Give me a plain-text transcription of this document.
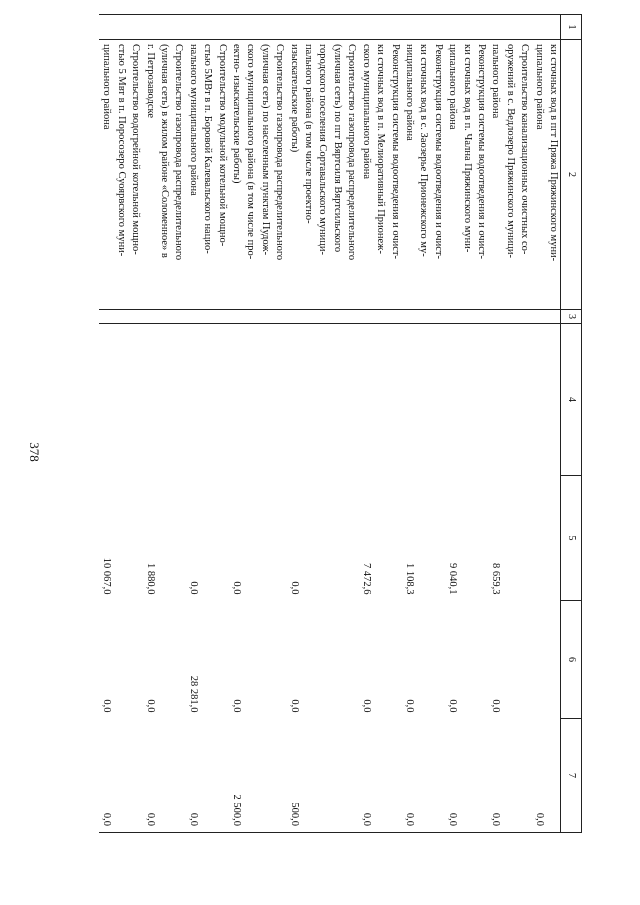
378
1	2	3	4	5	6	7

	ки сточных вод в пгт Пряжа Пряжинского муни-
ципального района					0,0

	Строительство канализационных очистных со-
оружений в с. Ведлозеро Пряжинского муници-
пального района			8 659,3	0,0	0,0

	Реконструкция системы водоотведения и очист-
ки сточных вод в п. Чална Пряжинского муни-
ципального района			9 040,1	0,0	0,0

	Реконструкция системы водоотведения и очист-
ки сточных вод в с. Заозерье Прионежского му-
ниципального района			1 108,3	0,0	0,0

	Реконструкция системы водоотведения и очист-
ки сточных вод в п. Мелиоративный Прионеж-
ского муниципального района			7 472,6	0,0	0,0

	Строительство газопровода распределительного
(уличная сеть) по пгт Вяртсиля Вяртсильского
городского поселения Сортавальского муници-
пального района (в том числе проектно-
изыскательские работы)			0,0	0,0	500,0

	Строительство газопровода распределительного
(уличная сеть) по населенным пунктам Пудож-
ского муниципального района (в том числе про-
ектно- изыскательские работы)			0,0	0,0	2 500,0

	Строительство модульной котельной мощно-
стью 5МВт в п. Боровой Калевальского нацио-
нального муниципального района			0,0	28 281,0	0,0

	Строительство газопровода распределительного
(уличная сеть) в жилом районе «Соломенное» в
г. Петрозаводске			1 880,0	0,0	0,0

	Строительство водогрейной котельной мощно-
стью 5 Мвт в п. Поросозеро Суоярвского муни-
ципального района			10 067,0	0,0	0,0
